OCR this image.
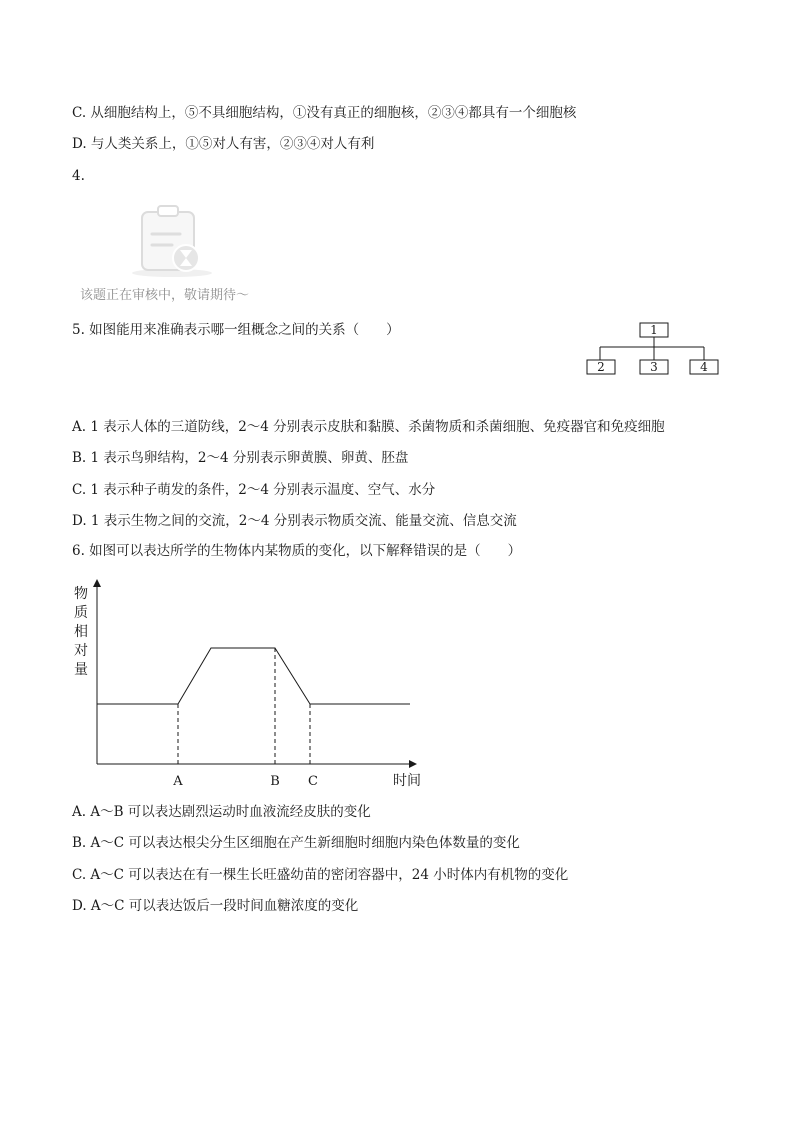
C. 从细胞结构上，⑤不具细胞结构，①没有真正的细胞核，②③④都具有一个细胞核
D. 与人类关系上，①⑤对人有害，②③④对人有利
4.
该题正在审核中，敬请期待～
5. 如图能用来准确表示哪一组概念之间的关系（　　）	1
2	3	4
A. 1 表示人体的三道防线，2～4 分别表示皮肤和黏膜、杀菌物质和杀菌细胞、免疫器官和免疫细胞
B. 1 表示鸟卵结构，2～4 分别表示卵黄膜、卵黄、胚盘
C. 1 表示种子萌发的条件，2～4 分别表示温度、空气、水分
D. 1 表示生物之间的交流，2～4 分别表示物质交流、能量交流、信息交流
6. 如图可以表达所学的生物体内某物质的变化，以下解释错误的是（　　）
物
质
相
对
量
A	B C	时间
A. A～B 可以表达剧烈运动时血液流经皮肤的变化
B. A～C 可以表达根尖分生区细胞在产生新细胞时细胞内染色体数量的变化
C. A～C 可以表达在有一棵生长旺盛幼苗的密闭容器中，24 小时体内有机物的变化
D. A～C 可以表达饭后一段时间血糖浓度的变化
